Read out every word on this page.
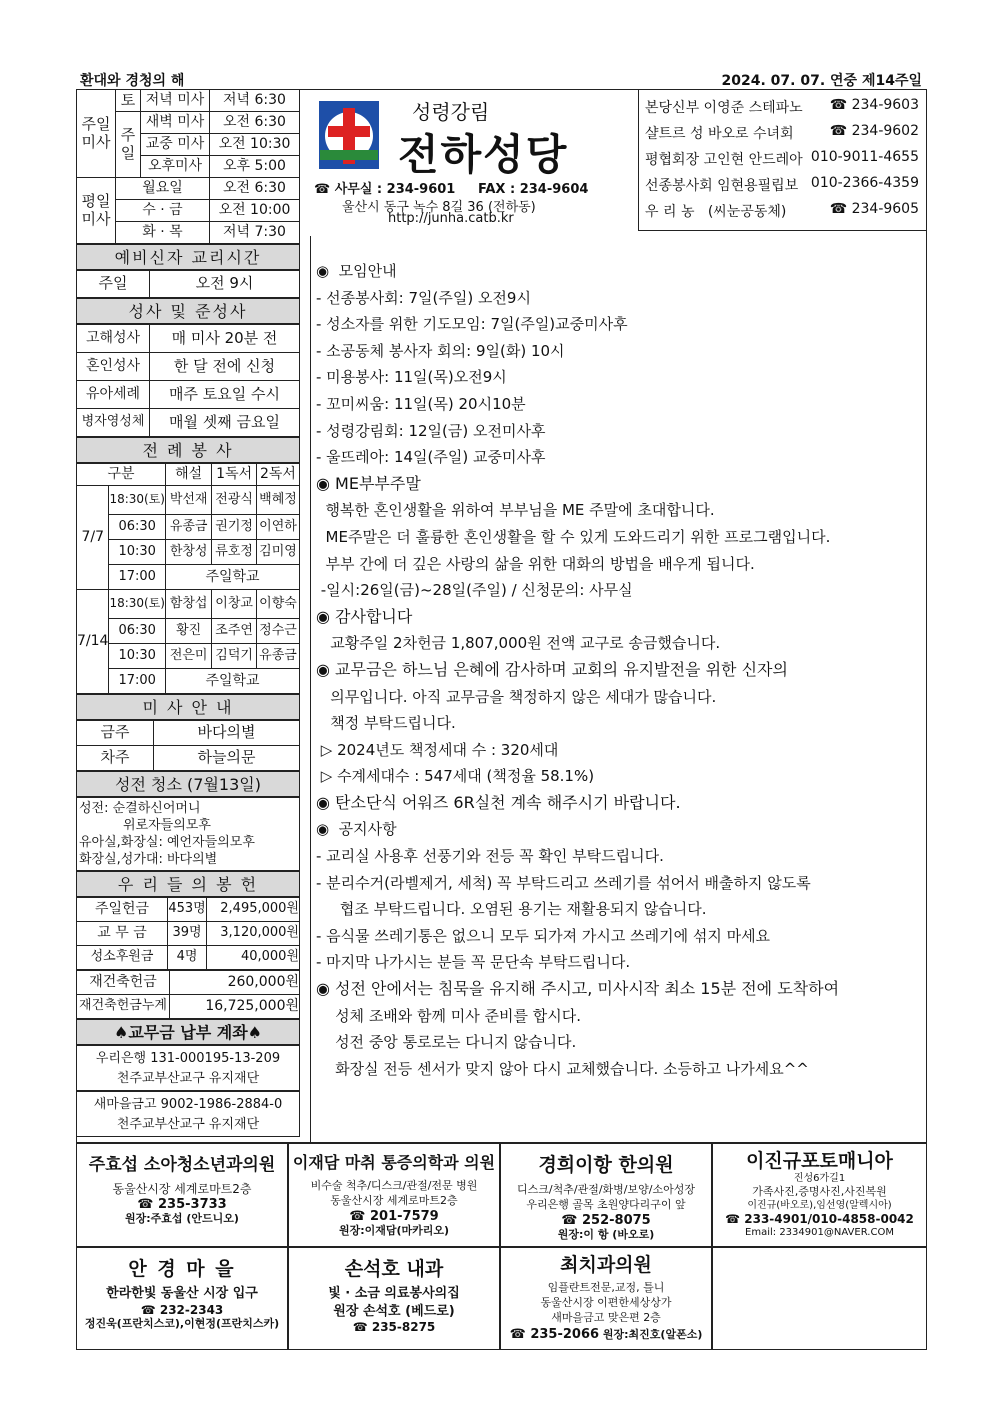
환대와 경청의 해	2024. 07. 07. 연중 제14주일
주일미사	토	저녁 미사	저녁 6:30
	주일	새벽 미사	오전 6:30
		교중 미사	오전 10:30
		오후미사	오후 5:00
평일미사	월요일		오전 6:30
	수 · 금		오전 10:00
	화 · 목		저녁 7:30
성령강림
전하성당
☎ 사무실 : 234-9601     FAX : 234-9604
울산시 동구 녹수 8길 36 (전하동)
http://junha.catb.kr
본당신부 이영준 스테파노 ☎ 234-9603
샬트르 성 바오로 수녀회	☎ 234-9602
평협회장 고인현 안드레아 010-9011-4655
선종봉사회 임현용필립보 010-2366-4359
우 리 농   (씨눈공동체)	☎ 234-9605
예비신자 교리시간
주일	오전 9시
성사 및 준성사
고해성사	매 미사 20분 전
혼인성사	한 달 전에 신청
유아세례	매주 토요일 수시
병자영성체	매월 셋째 금요일
전 례 봉 사
구분		해설	1독서	2독서
7/7	18:30(토)	박선재	전광식	백혜정
	06:30	유종금	권기정	이연하
	10:30	한창성	류호정	김미영
	17:00	주일학교		
7/14	18:30(토)	함창섭	이창교	이향숙
	06:30	황진	조주연	정수근
	10:30	전은미	김덕기	유종금
	17:00	주일학교		
미 사 안 내
금주	바다의별
차주	하늘의문
성전 청소 (7월13일)
성전: 순결하신어머니
위로자들의모후
유아실,화장실: 예언자들의모후
화장실,성가대: 바다의별
우 리 들 의 봉 헌
주일헌금	453명	2,495,000원
교 무 금	39명	3,120,000원
성소후원금	4명	40,000원
재건축헌금	260,000원
재건축헌금누계	16,725,000원
♠교무금 납부 계좌♠
우리은행 131-000195-13-209
천주교부산교구 유지재단
새마을금고 9002-1986-2884-0
천주교부산교구 유지재단

◉  모임안내

- 선종봉사회: 7일(주일) 오전9시

- 성소자를 위한 기도모임: 7일(주일)교중미사후

- 소공동체 봉사자 회의: 9일(화) 10시

- 미용봉사: 11일(목)오전9시

- 꼬미씨움: 11일(목) 20시10분

- 성령강림회: 12일(금) 오전미사후

- 울뜨레아: 14일(주일) 교중미사후

◉ ME부부주말

행복한 혼인생활을 위하여 부부님을 ME 주말에 초대합니다.

ME주말은 더 훌륭한 혼인생활을 할 수 있게 도와드리기 위한 프로그램입니다.

부부 간에 더 깊은 사랑의 삶을 위한 대화의 방법을 배우게 됩니다.

-일시:26일(금)~28일(주일) / 신청문의: 사무실

◉ 감사합니다

교황주일 2차헌금 1,807,000원 전액 교구로 송금했습니다.

◉ 교무금은 하느님 은혜에 감사하며 교회의 유지발전을 위한 신자의

의무입니다. 아직 교무금을 책정하지 않은 세대가 많습니다.

책정 부탁드립니다.

▷ 2024년도 책정세대 수 : 320세대

▷ 수계세대수 : 547세대 (책정율 58.1%)

◉ 탄소단식 어워즈 6R실천 계속 해주시기 바랍니다.

◉  공지사항

- 교리실 사용후 선풍기와 전등 꼭 확인 부탁드립니다.

- 분리수거(라벨제거, 세척) 꼭 부탁드리고 쓰레기를 섞어서 배출하지 않도록

협조 부탁드립니다. 오염된 용기는 재활용되지 않습니다.

- 음식물 쓰레기통은 없으니 모두 되가져 가시고 쓰레기에 섞지 마세요

- 마지막 나가시는 분들 꼭 문단속 부탁드립니다.

◉ 성전 안에서는 침묵을 유지해 주시고, 미사시작 최소 15분 전에 도착하여

성체 조배와 함께 미사 준비를 합시다.

성전 중앙 통로로는 다니지 않습니다.

화장실 전등 센서가 맞지 않아 다시 교체했습니다. 소등하고 나가세요^^

주효섭 소아청소년과의원
동울산시장 세계로마트2층
☎ 235-3733
원장:주효섭 (안드니오)
이재담 마취 통증의학과 의원
비수술 척추/디스크/관절/전문 병원
동울산시장 세계로마트2층
☎ 201-7579
원장:이재담(마카리오)
경희이항 한의원
디스크/척추/관절/화병/보양/소아성장
우리은행 골목 초원양다리구이 앞
☎ 252-8075
원장:이 항 (바오로)
이진규포토매니아
진성6가길1
가족사진,증명사진,사진복원
이진규(바오로),임선영(알렉시아)
☎ 233-4901/010-4858-0042
Email: 2334901@NAVER.COM
안 경 마 을
한라한빛 동울산 시장 입구
☎ 232-2343
정진욱(프란치스코),이현정(프란치스카)
손석호 내과
빛 · 소금 의료봉사의집
원장 손석호 (베드로)
☎ 235-8275
최치과의원
임플란트전문,교정, 틀니
동울산시장 이편한세상상가
새마을금고 맞은편 2층
☎ 235-2066 원장:최진호(알폰소)
